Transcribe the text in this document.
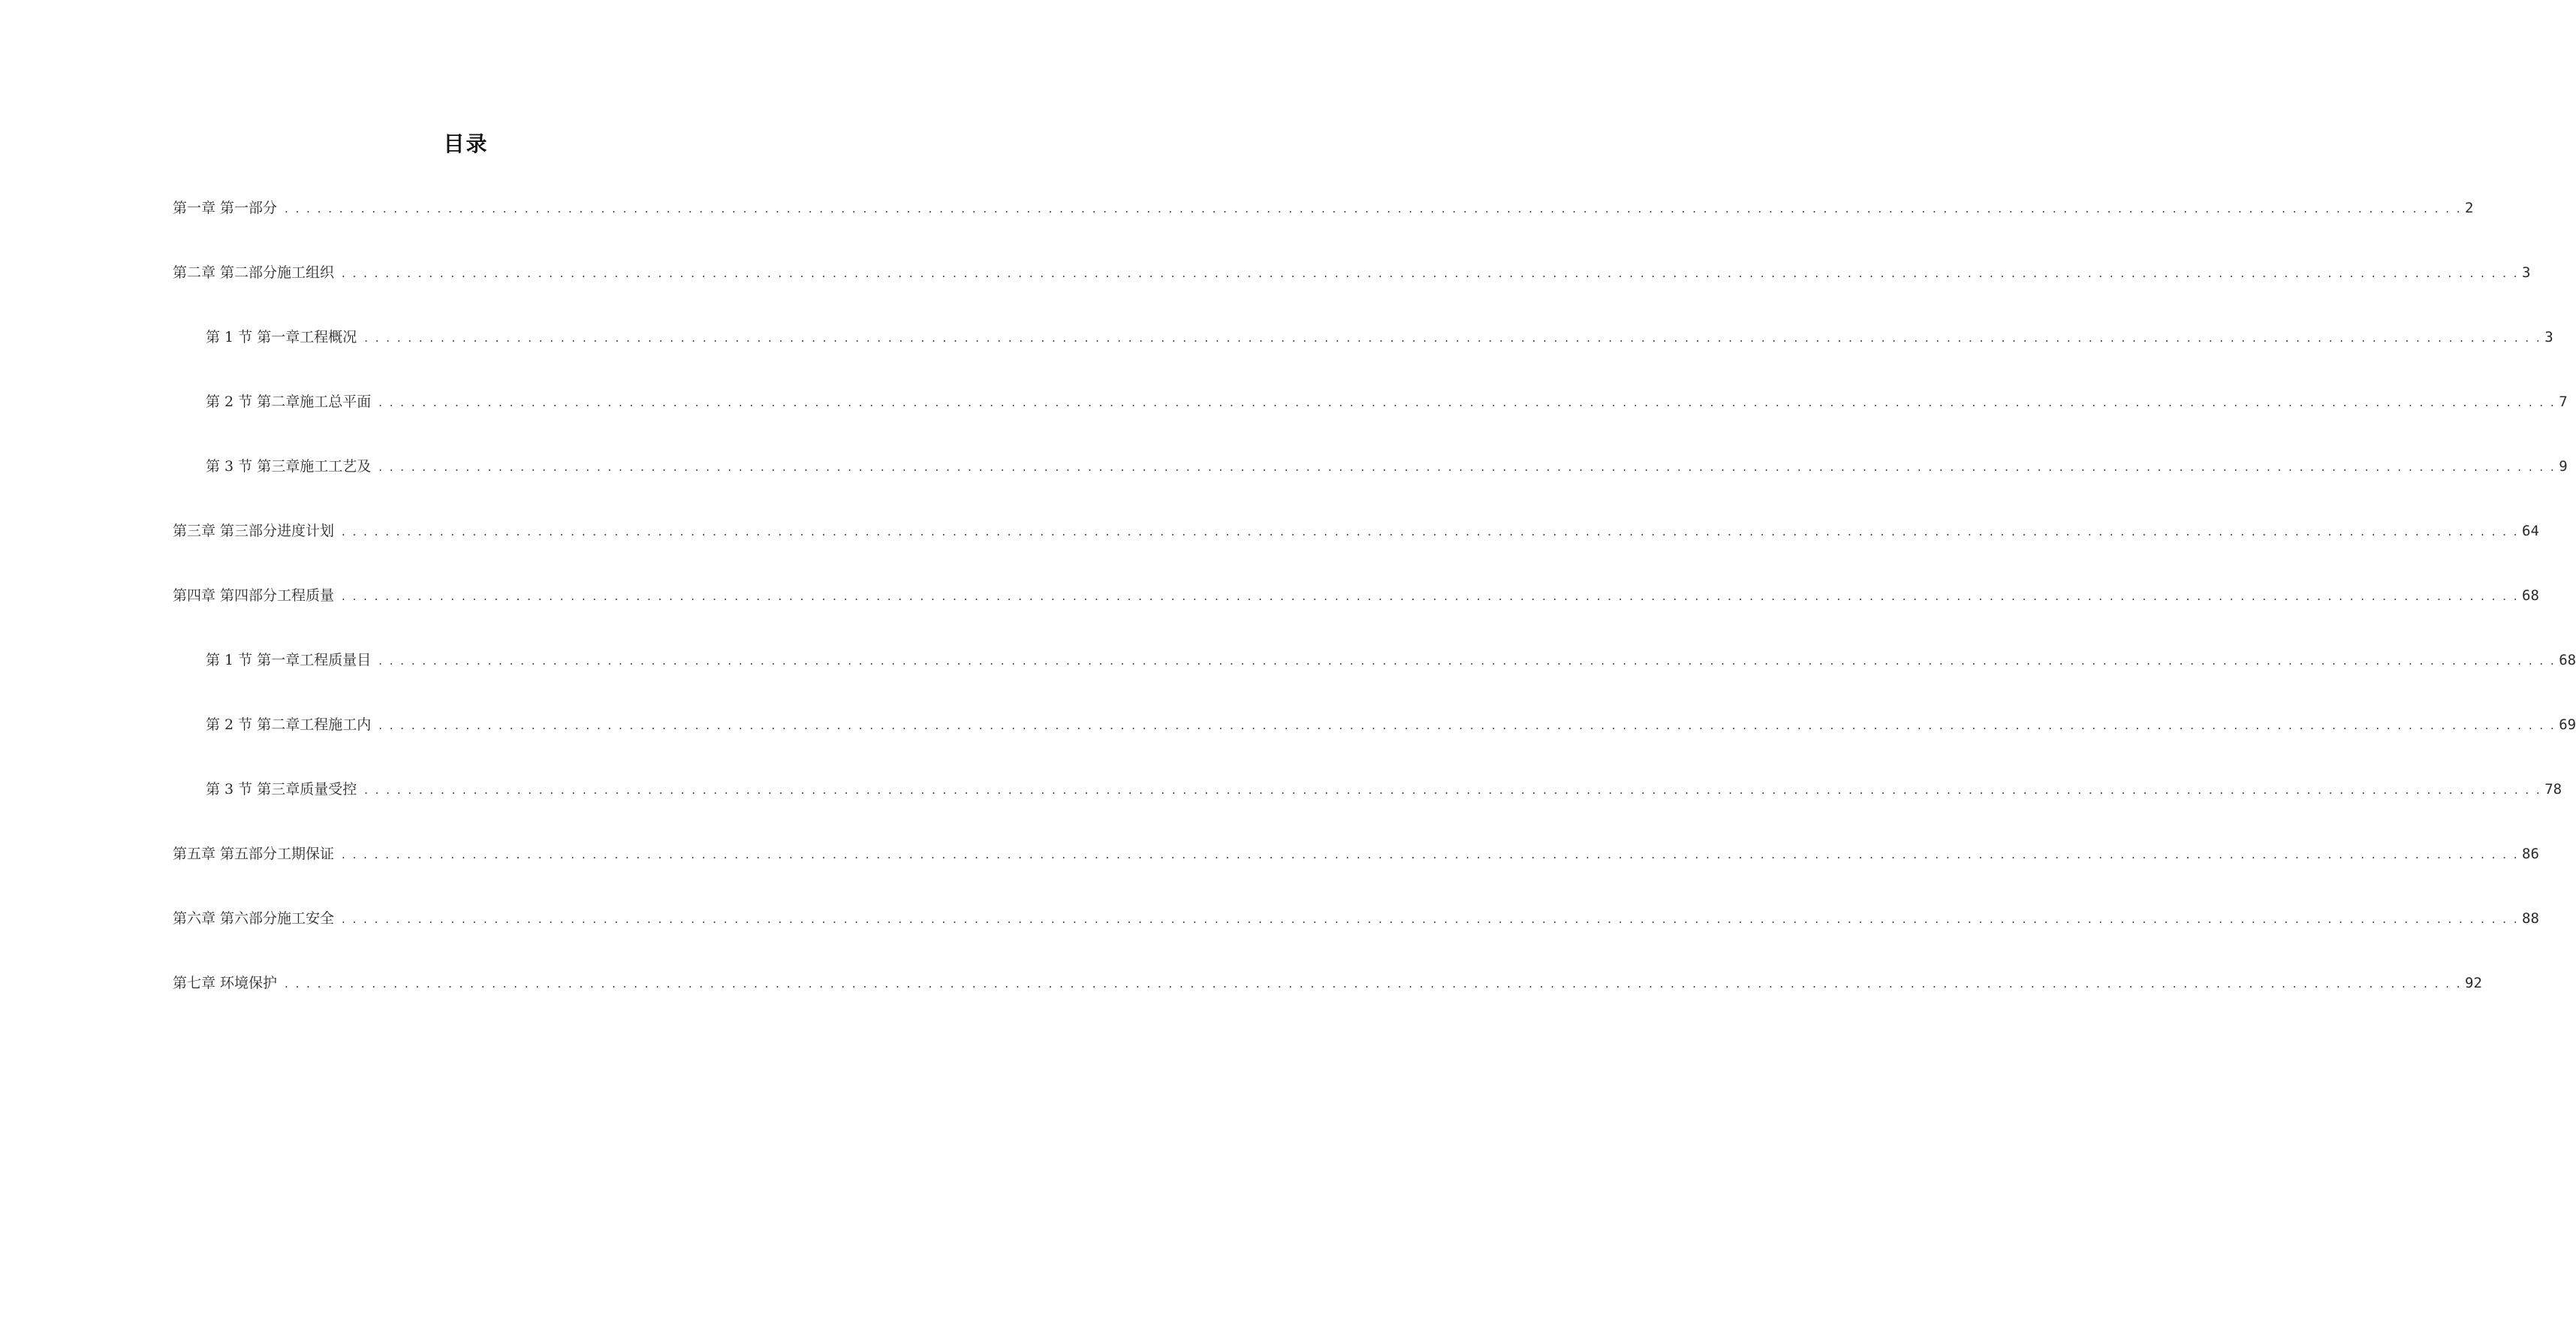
目录
第一章 第一部分 . . . . . . . . . . . . . . . . . . . . . . . . . . . . . . . . . . . . . . . . . . . . . . . . . . . . . . . . . . . . . . . . . . . . . . . . . . . . . . . . . . . . . . . . . . . . . . . . . . . . . . . . . . . . . . . . . . . . . . . . . . . . . . . . . . . . . . . . . . . . . . . . . . . . . . . . . . . . . . . . . . . . . . . . . . . . . . . . . . . . . . . . . . . . . . . . . . . . . . . . 2
第二章 第二部分施工组织 . . . . . . . . . . . . . . . . . . . . . . . . . . . . . . . . . . . . . . . . . . . . . . . . . . . . . . . . . . . . . . . . . . . . . . . . . . . . . . . . . . . . . . . . . . . . . . . . . . . . . . . . . . . . . . . . . . . . . . . . . . . . . . . . . . . . . . . . . . . . . . . . . . . . . . . . . . . . . . . . . . . . . . . . . . . . . . . . . . . . . . . . . . . . . . . . . . . . . . . . 3
第 1 节 第一章工程概况 . . . . . . . . . . . . . . . . . . . . . . . . . . . . . . . . . . . . . . . . . . . . . . . . . . . . . . . . . . . . . . . . . . . . . . . . . . . . . . . . . . . . . . . . . . . . . . . . . . . . . . . . . . . . . . . . . . . . . . . . . . . . . . . . . . . . . . . . . . . . . . . . . . . . . . . . . . . . . . . . . . . . . . . . . . . . . . . . . . . . . . . . . . . . . . . . . . . . . . . . 3
第 2 节 第二章施工总平面 . . . . . . . . . . . . . . . . . . . . . . . . . . . . . . . . . . . . . . . . . . . . . . . . . . . . . . . . . . . . . . . . . . . . . . . . . . . . . . . . . . . . . . . . . . . . . . . . . . . . . . . . . . . . . . . . . . . . . . . . . . . . . . . . . . . . . . . . . . . . . . . . . . . . . . . . . . . . . . . . . . . . . . . . . . . . . . . . . . . . . . . . . . . . . . . . . . . . . . . . 7
第 3 节 第三章施工工艺及 . . . . . . . . . . . . . . . . . . . . . . . . . . . . . . . . . . . . . . . . . . . . . . . . . . . . . . . . . . . . . . . . . . . . . . . . . . . . . . . . . . . . . . . . . . . . . . . . . . . . . . . . . . . . . . . . . . . . . . . . . . . . . . . . . . . . . . . . . . . . . . . . . . . . . . . . . . . . . . . . . . . . . . . . . . . . . . . . . . . . . . . . . . . . . . . . . . . . . . . . 9
第三章 第三部分进度计划 . . . . . . . . . . . . . . . . . . . . . . . . . . . . . . . . . . . . . . . . . . . . . . . . . . . . . . . . . . . . . . . . . . . . . . . . . . . . . . . . . . . . . . . . . . . . . . . . . . . . . . . . . . . . . . . . . . . . . . . . . . . . . . . . . . . . . . . . . . . . . . . . . . . . . . . . . . . . . . . . . . . . . . . . . . . . . . . . . . . . . . . . . . . . . . . . . . . . . . . . 64
第四章 第四部分工程质量 . . . . . . . . . . . . . . . . . . . . . . . . . . . . . . . . . . . . . . . . . . . . . . . . . . . . . . . . . . . . . . . . . . . . . . . . . . . . . . . . . . . . . . . . . . . . . . . . . . . . . . . . . . . . . . . . . . . . . . . . . . . . . . . . . . . . . . . . . . . . . . . . . . . . . . . . . . . . . . . . . . . . . . . . . . . . . . . . . . . . . . . . . . . . . . . . . . . . . . . . 68
第 1 节 第一章工程质量目 . . . . . . . . . . . . . . . . . . . . . . . . . . . . . . . . . . . . . . . . . . . . . . . . . . . . . . . . . . . . . . . . . . . . . . . . . . . . . . . . . . . . . . . . . . . . . . . . . . . . . . . . . . . . . . . . . . . . . . . . . . . . . . . . . . . . . . . . . . . . . . . . . . . . . . . . . . . . . . . . . . . . . . . . . . . . . . . . . . . . . . . . . . . . . . . . . . . . . . . . 68
第 2 节 第二章工程施工内 . . . . . . . . . . . . . . . . . . . . . . . . . . . . . . . . . . . . . . . . . . . . . . . . . . . . . . . . . . . . . . . . . . . . . . . . . . . . . . . . . . . . . . . . . . . . . . . . . . . . . . . . . . . . . . . . . . . . . . . . . . . . . . . . . . . . . . . . . . . . . . . . . . . . . . . . . . . . . . . . . . . . . . . . . . . . . . . . . . . . . . . . . . . . . . . . . . . . . . . . 69
第 3 节 第三章质量受控 . . . . . . . . . . . . . . . . . . . . . . . . . . . . . . . . . . . . . . . . . . . . . . . . . . . . . . . . . . . . . . . . . . . . . . . . . . . . . . . . . . . . . . . . . . . . . . . . . . . . . . . . . . . . . . . . . . . . . . . . . . . . . . . . . . . . . . . . . . . . . . . . . . . . . . . . . . . . . . . . . . . . . . . . . . . . . . . . . . . . . . . . . . . . . . . . . . . . . . . . 78
第五章 第五部分工期保证 . . . . . . . . . . . . . . . . . . . . . . . . . . . . . . . . . . . . . . . . . . . . . . . . . . . . . . . . . . . . . . . . . . . . . . . . . . . . . . . . . . . . . . . . . . . . . . . . . . . . . . . . . . . . . . . . . . . . . . . . . . . . . . . . . . . . . . . . . . . . . . . . . . . . . . . . . . . . . . . . . . . . . . . . . . . . . . . . . . . . . . . . . . . . . . . . . . . . . . . . 86
第六章 第六部分施工安全 . . . . . . . . . . . . . . . . . . . . . . . . . . . . . . . . . . . . . . . . . . . . . . . . . . . . . . . . . . . . . . . . . . . . . . . . . . . . . . . . . . . . . . . . . . . . . . . . . . . . . . . . . . . . . . . . . . . . . . . . . . . . . . . . . . . . . . . . . . . . . . . . . . . . . . . . . . . . . . . . . . . . . . . . . . . . . . . . . . . . . . . . . . . . . . . . . . . . . . . . 88
第七章 环境保护 . . . . . . . . . . . . . . . . . . . . . . . . . . . . . . . . . . . . . . . . . . . . . . . . . . . . . . . . . . . . . . . . . . . . . . . . . . . . . . . . . . . . . . . . . . . . . . . . . . . . . . . . . . . . . . . . . . . . . . . . . . . . . . . . . . . . . . . . . . . . . . . . . . . . . . . . . . . . . . . . . . . . . . . . . . . . . . . . . . . . . . . . . . . . . . . . . . . . . . . . 92
